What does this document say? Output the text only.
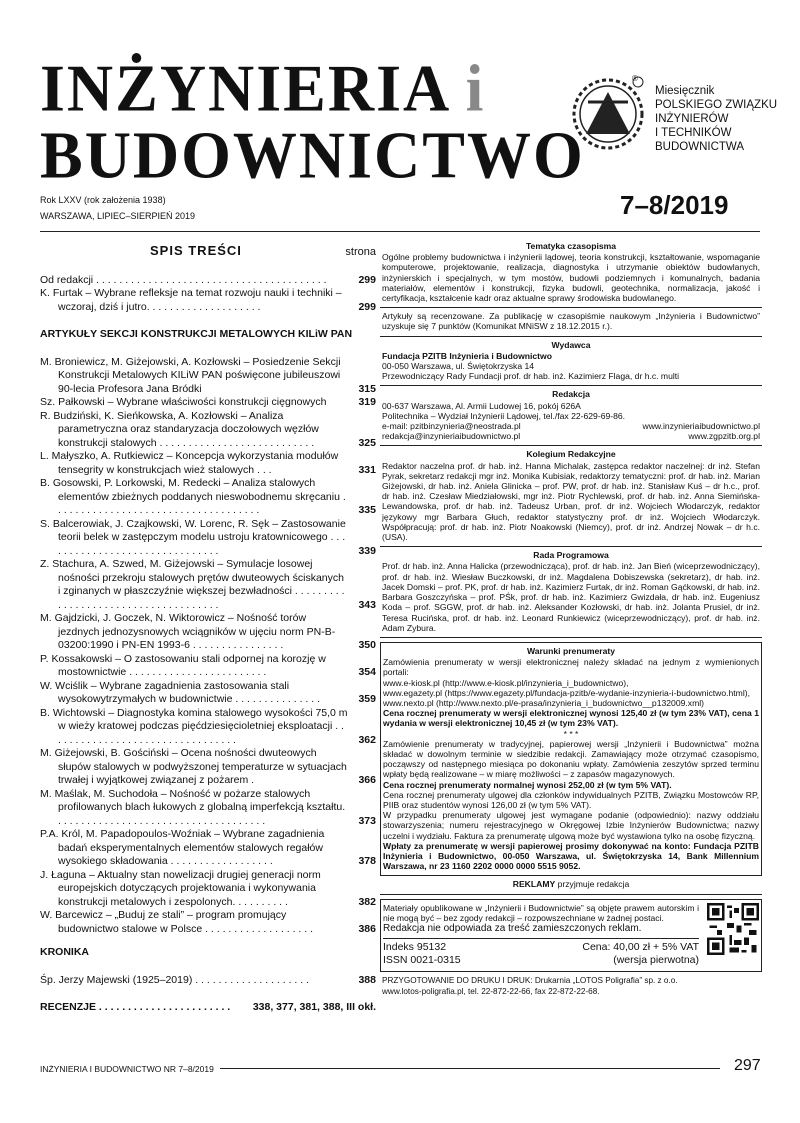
INŻYNIERIA i
BUDOWNICTWO
®
Miesięcznik
POLSKIEGO ZWIĄZKU
INŻYNIERÓW
I TECHNIKÓW
BUDOWNICTWA
Rok LXXV (rok założenia 1938)
WARSZAWA, LIPIEC–SIERPIEŃ 2019	7–8/2019
SPIS TREŚCI	strona
Od redakcji . . . . . . . . . . . . . . . . . . . . . . . . . . . . . . . . . . . . . . . .	299
K. Furtak – Wybrane refleksje na temat rozwoju nauki i techniki – wczoraj, dziś i jutro. . . . . . . . . . . . . . . . . . . .	299
ARTYKUŁY SEKCJI KONSTRUKCJI METALOWYCH KILiW PAN
M. Broniewicz, M. Giżejowski, A. Kozłowski – Posiedzenie Sekcji Konstrukcji Metalowych KILiW PAN poświęcone jubileuszowi 90-lecia Profesora Jana Bródki	315
Sz. Pałkowski – Wybrane właściwości konstrukcji cięgnowych	319
R. Budziński, K. Sieńkowska, A. Kozłowski – Analiza parametryczna oraz standaryzacja doczołowych węzłów konstrukcji stalowych . . . . . . . . . . . . . . . . . . . . . . . . . . .	325
L. Małyszko, A. Rutkiewicz – Koncepcja wykorzystania modułów tensegrity w konstrukcjach wież stalowych . . .	331
B. Gosowski, P. Lorkowski, M. Redecki – Analiza stalowych elementów zbieżnych poddanych nieswobodnemu skręcaniu . . . . . . . . . . . . . . . . . . . . . . . . . . . . . . . . . . . .	335
S. Balcerowiak, J. Czajkowski, W. Lorenc, R. Sęk – Zastosowanie teorii belek w zastępczym modelu ustroju kratownicowego . . . . . . . . . . . . . . . . . . . . . . . . . . . . . . .	339
Z. Stachura, A. Szwed, M. Giżejowski – Symulacje losowej nośności przekroju stalowych prętów dwuteowych ściskanych i zginanych w płaszczyźnie większej bezwładności . . . . . . . . . . . . . . . . . . . . . . . . . . . . . . . . . . . . .	343
M. Gajdzicki, J. Goczek, N. Wiktorowicz – Nośność torów jezdnych jednozysnowych wciągników w ujęciu norm PN-B-03200:1990 i PN-EN 1993-6 . . . . . . . . . . . . . . . .	350
P. Kossakowski – O zastosowaniu stali odpornej na korozję w mostownictwie . . . . . . . . . . . . . . . . . . . . . . . .	354
W. Wciślik – Wybrane zagadnienia zastosowania stali wysokowytrzymałych w budownictwie . . . . . . . . . . . . . . .	359
B. Wichtowski – Diagnostyka komina stalowego wysokości 75,0 m w wieży kratowej podczas pięćdziesięcioletniej eksploatacji . . . . . . . . . . . . . . . . . . . . . . . . . . . . . . . . .	362
M. Giżejowski, B. Gościński – Ocena nośności dwuteowych słupów stalowych w podwyższonej temperaturze w sytuacjach trwałej i wyjątkowej związanej z pożarem .	366
M. Maślak, M. Suchodoła – Nośność w pożarze stalowych profilowanych blach łukowych z globalną imperfekcją kształtu. . . . . . . . . . . . . . . . . . . . . . . . . . . . . . . . . . . . .	373
P.A. Król, M. Papadopoulos-Woźniak – Wybrane zagadnienia badań eksperymentalnych elementów stalowych regałów wysokiego składowania . . . . . . . . . . . . . . . . . .	378
J. Łaguna – Aktualny stan nowelizacji drugiej generacji norm europejskich dotyczących projektowania i wykonywania konstrukcji metalowych i zespolonych. . . . . . . . . .	382
W. Barcewicz – „Buduj ze stali” – program promujący budownictwo stalowe w Polsce . . . . . . . . . . . . . . . . . . .	386
KRONIKA
Śp. Jerzy Majewski (1925–2019) . . . . . . . . . . . . . . . . . . . .	388
RECENZJE . . . . . . . . . . . . . . . . . . . . . . .	338, 377, 381, 388, III okł.
Tematyka czasopisma

Ogólne problemy budownictwa i inżynierii lądowej, teoria konstrukcji, kształtowanie, wspomaganie komputerowe, projektowanie, realizacja, diagnostyka i utrzymanie obiektów budowlanych, inżynierskich i specjalnych, w tym mostów, budowli podziemnych i komunalnych, badania materiałów, elementów i konstrukcji, fizyka budowli, geotechnika, normalizacja, jakość i certyfikacja, kształcenie kadr oraz aktualne sprawy środowiska budowlanego.

Artykuły są recenzowane. Za publikację w czasopiśmie naukowym „Inżynieria i Budownictwo” uzyskuje się 7 punktów (Komunikat MNiSW z 18.12.2015 r.).

Wydawca

Fundacja PZITB Inżynieria i Budownictwo

00-050 Warszawa, ul. Świętokrzyska 14

Przewodniczący Rady Fundacji prof. dr hab. inż. Kazimierz Flaga, dr h.c. multi

Redakcja

00-637 Warszawa, Al. Armii Ludowej 16, pokój 626A

Politechnika – Wydział Inżynierii Lądowej, tel./fax 22-629-69-86.

e-mail: pzitbinzynieria@neostrada.pl	www.inzynieriaibudownictwo.pl
redakcja@inzynieriaibudownictwo.pl	www.zgpzitb.org.pl
Kolegium Redakcyjne

Redaktor naczelna prof. dr hab. inż. Hanna Michalak, zastępca redaktor naczelnej: dr inż. Stefan Pyrak, sekretarz redakcji mgr inż. Monika Kubisiak, redaktorzy tematyczni: prof. dr hab. inż. Marian Giżejowski, dr hab. inż. Aniela Glinicka – prof. PW, prof. dr hab. inż. Stanisław Kuś – dr h.c., prof. dr hab. inż. Czesław Miedziałowski, mgr inż. Piotr Rychlewski, prof. dr hab. inż. Anna Siemińska-Lewandowska, prof. dr hab. inż. Tadeusz Urban, prof. dr inż. Wojciech Włodarczyk, redaktor językowy mgr Barbara Głuch, redaktor statystyczny prof. dr inż. Wojciech Włodarczyk. Współpracują: prof. dr hab. inż. Piotr Noakowski (Niemcy), prof. dr inż. Andrzej Nowak – dr h.c. (USA).

Rada Programowa

Prof. dr hab. inż. Anna Halicka (przewodnicząca), prof. dr hab. inż. Jan Bień (wiceprzewodniczący), prof. dr hab. inż. Wiesław Buczkowski, dr inż. Magdalena Dobiszewska (sekretarz), dr hab. inż. Jacek Domski – prof. PK, prof. dr hab. inż. Kazimierz Furtak, dr inż. Roman Gąćkowski, dr hab. inż. Barbara Goszczyńska – prof. PŚk, prof. dr hab. inż. Kazimierz Gwizdała, dr hab. inż. Eugeniusz Koda – prof. SGGW, prof. dr hab. inż. Aleksander Kozłowski, dr hab. inż. Jolanta Prusiel, dr inż. Teresa Rucińska, prof. dr hab. inż. Leonard Runkiewicz (wiceprzewodniczący), prof. dr hab. inż. Adam Zybura.

Warunki prenumeraty

Zamówienia prenumeraty w wersji elektronicznej należy składać na jednym z wymienionych portali:

www.e-kiosk.pl (http://www.e-kiosk.pl/inzynieria_i_budownictwo),

www.egazety.pl (https://www.egazety.pl/fundacja-pzitb/e-wydanie-inzynieria-i-budownictwo.html),

www.nexto.pl (http://www.nexto.pl/e-prasa/inzynieria_i_budownictwo__p132009.xml)

Cena rocznej prenumeraty w wersji elektronicznej wynosi 125,40 zł (w tym 23% VAT), cena 1 wydania w wersji elektronicznej 10,45 zł (w tym 23% VAT).

* * *

Zamówienie prenumeraty w tradycyjnej, papierowej wersji „Inżynierii i Budownictwa” można składać w dowolnym terminie w siedzibie redakcji. Zamawiający może otrzymać czasopismo, począwszy od następnego miesiąca po dokonaniu wpłaty. Zamówienia zeszytów sprzed terminu wpłaty będą realizowane – w miarę możliwości – z zapasów magazynowych.

Cena rocznej prenumeraty normalnej wynosi 252,00 zł (w tym 5% VAT).

Cena rocznej prenumeraty ulgowej dla członków indywidualnych PZITB, Związku Mostowców RP, PIIB oraz studentów wynosi 126,00 zł (w tym 5% VAT).

W przypadku prenumeraty ulgowej jest wymagane podanie (odpowiednio): nazwy oddziału stowarzyszenia; numeru rejestracyjnego w Okręgowej Izbie Inżynierów Budownictwa; nazwy uczelni i wydziału. Faktura za prenumeratę ulgową może być wystawiona tylko na osobę fizyczną.

Wpłaty za prenumeratę w wersji papierowej prosimy dokonywać na konto: Fundacja PZITB Inżynieria i Budownictwo, 00-050 Warszawa, ul. Świętokrzyska 14, Bank Millennium Warszawa, nr 23 1160 2202 0000 0000 5515 9052.

REKLAMY przyjmuje redakcja

Materiały opublikowane w „Inżynierii i Budownictwie” są objęte prawem autorskim i nie mogą być – bez zgody redakcji – rozpowszechniane w żadnej postaci.

Redakcja nie odpowiada za treść zamieszczonych reklam.

Indeks 95132	Cena: 40,00 zł + 5% VAT
ISSN 0021-0315	(wersja pierwotna)
PRZYGOTOWANIE DO DRUKU I DRUK: Drukarnia „LOTOS Poligrafia” sp. z o.o.
www.lotos-poligrafia.pl, tel. 22-872-22-66, fax 22-872-22-68.
INŻYNIERIA I BUDOWNICTWO NR 7–8/2019	297
